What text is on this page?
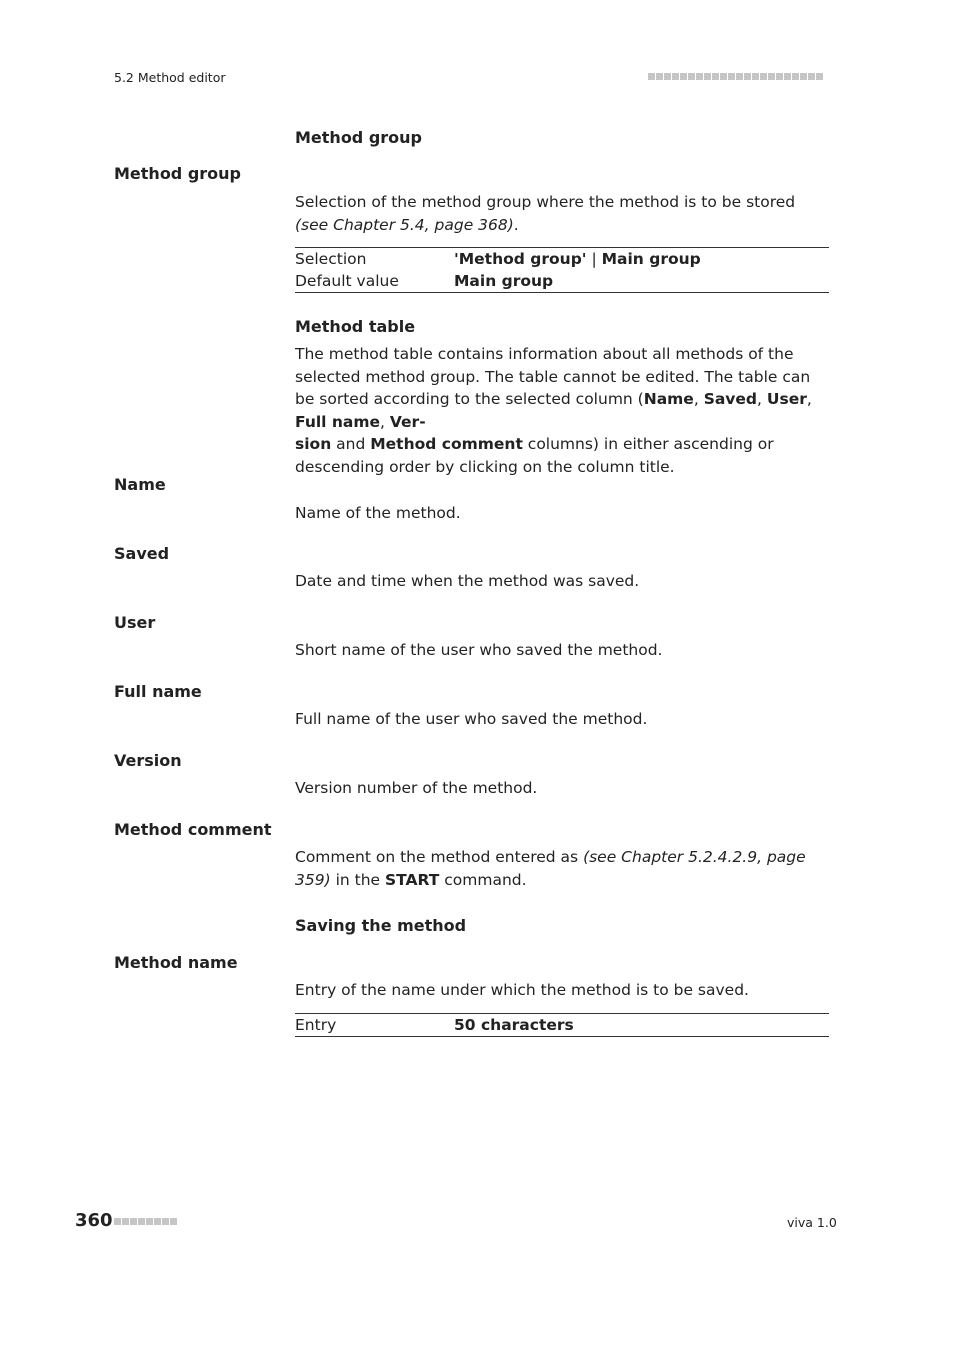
5.2 Method editor
Method group
Method group
Selection of the method group where the method is to be stored (see Chapter 5.4, page 368).
Selection	'Method group' | Main group
Default value	Main group
Method table
The method table contains information about all methods of the selected method group. The table cannot be edited. The table can be sorted according to the selected column (Name, Saved, User, Full name, Ver-
sion and Method comment columns) in either ascending or descending order by clicking on the column title.
Name
Name of the method.
Saved
Date and time when the method was saved.
User
Short name of the user who saved the method.
Full name
Full name of the user who saved the method.
Version
Version number of the method.
Method comment
Comment on the method entered as (see Chapter 5.2.4.2.9, page 359) in the START command.
Saving the method
Method name
Entry of the name under which the method is to be saved.
Entry	50 characters
360	viva 1.0
